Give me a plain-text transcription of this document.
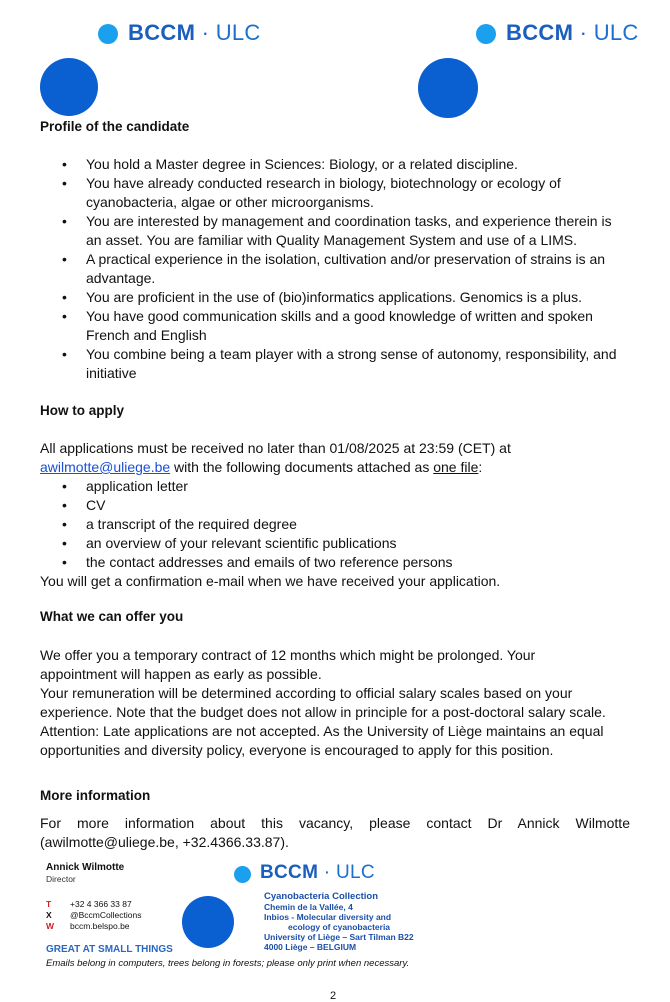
BCCM · ULC	BCCM · ULC
Profile of the candidate
• You hold a Master degree in Sciences: Biology, or a related discipline.
• You have already conducted research in biology, biotechnology or ecology of cyanobacteria, algae or other microorganisms.
• You are interested by management and coordination tasks, and experience therein is an asset. You are familiar with Quality Management System and use of a LIMS.
• A practical experience in the isolation, cultivation and/or preservation of strains is an advantage.
• You are proficient in the use of (bio)informatics applications. Genomics is a plus.
• You have good communication skills and a good knowledge of written and spoken French and English
• You combine being a team player with a strong sense of autonomy, responsibility, and initiative
How to apply
All applications must be received no later than 01/08/2025 at 23:59 (CET) at
awilmotte@uliege.be with the following documents attached as one file:
• application letter
• CV
• a transcript of the required degree
• an overview of your relevant scientific publications
• the contact addresses and emails of two reference persons
You will get a confirmation e-mail when we have received your application.
What we can offer you
We offer you a temporary contract of 12 months which might be prolonged. Your appointment will happen as early as possible.
Your remuneration will be determined according to official salary scales based on your experience. Note that the budget does not allow in principle for a post-doctoral salary scale.
Attention: Late applications are not accepted. As the University of Liège maintains an equal opportunities and diversity policy, everyone is encouraged to apply for this position.
More information
For more information about this vacancy, please contact Dr Annick Wilmotte (awilmotte@uliege.be, +32.4366.33.87).
Annick Wilmotte
Director
T +32 4 366 33 87
X @BccmCollections
W bccm.belspo.be
GREAT AT SMALL THINGS
BCCM · ULC
Cyanobacteria Collection
Chemin de la Vallée, 4
Inbios - Molecular diversity and
ecology of cyanobacteria
University of Liège – Sart Tilman B22
4000 Liège – BELGIUM
Emails belong in computers, trees belong in forests; please only print when necessary.
2
